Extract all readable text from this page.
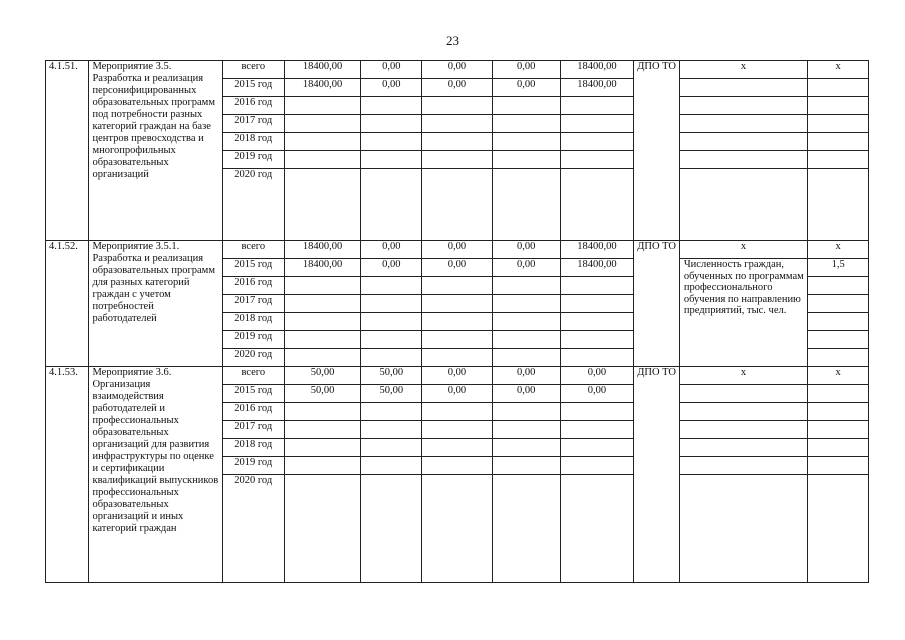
23
4.1.51.	Мероприятие 3.5. Разработка и реализация персонифицированных образовательных программ под потребности разных категорий граждан на базе центров превосходства и многопрофильных образовательных организаций	всего	18400,00	0,00	0,00	0,00	18400,00	ДПО ТО	х	х
		2015 год	18400,00	0,00	0,00	0,00	18400,00			
		2016 год								
		2017 год								
		2018 год								
		2019 год								
		2020 год								
4.1.52.	Мероприятие 3.5.1. Разработка и реализация образовательных программ для разных категорий граждан с учетом потребностей работодателей	всего	18400,00	0,00	0,00	0,00	18400,00	ДПО ТО	х	х
		2015 год	18400,00	0,00	0,00	0,00	18400,00		Численность граждан, обученных по программам профессионального обучения по направлению предприятий, тыс. чел.	1,5
		2016 год								
		2017 год								
		2018 год								
		2019 год								
		2020 год								
4.1.53.	Мероприятие 3.6. Организация взаимодействия работодателей и профессиональных образовательных организаций для развития инфраструктуры по оценке и сертификации квалификаций выпускников профессиональных образовательных организаций и иных категорий граждан	всего	50,00	50,00	0,00	0,00	0,00	ДПО ТО	х	х
		2015 год	50,00	50,00	0,00	0,00	0,00			
		2016 год								
		2017 год								
		2018 год								
		2019 год								
		2020 год								
